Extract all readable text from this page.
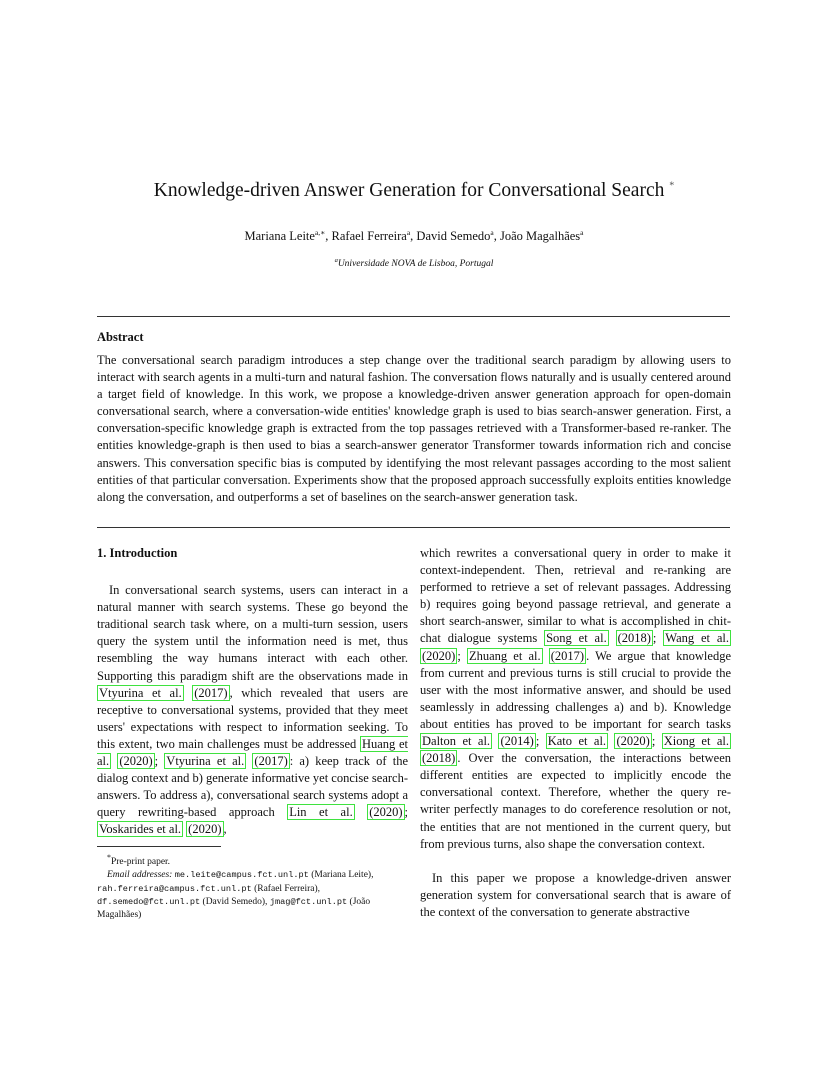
Knowledge-driven Answer Generation for Conversational Search *
Mariana Leite$^{a,∗}$, Rafael Ferreira$^a$, David Semedo$^a$, João Magalhães$^a$
$^a$Universidade NOVA de Lisboa, Portugal
Abstract
The conversational search paradigm introduces a step change over the traditional search paradigm by allowing users to interact with search agents in a multi-turn and natural fashion. The conversation flows naturally and is usually centered around a target field of knowledge. In this work, we propose a knowledge-driven answer generation approach for open-domain conversational search, where a conversation-wide entities' knowledge graph is used to bias search-answer generation. First, a conversation-specific knowledge graph is extracted from the top passages retrieved with a Transformer-based re-ranker. The entities knowledge-graph is then used to bias a search-answer generator Transformer towards information rich and concise answers. This conversation specific bias is computed by identifying the most relevant passages according to the most salient entities of that particular conversation. Experiments show that the proposed approach successfully exploits entities knowledge along the conversation, and outperforms a set of baselines on the search-answer generation task.
1. Introduction

In conversational search systems, users can interact in a natural manner with search systems. These go beyond the traditional search task where, on a multi-turn session, users query the system until the information need is met, thus resembling the way humans interact with each other. Supporting this paradigm shift are the observations made in Vtyurina et al. (2017) , which revealed that users are receptive to conversational systems, provided that they meet users' expectations with respect to information seeking. To this extent, two main challenges must be addressed Huang et al. (2020) ; Vtyurina et al. (2017) : a) keep track of the dialog context and b) generate informative yet concise search-answers. To address a), conversational search systems adopt a query rewriting-based approach Lin et al. (2020) ; Voskarides et al. (2020) ,

*Pre-print paper.

Email addresses: me.leite@campus.fct.unl.pt (Mariana Leite), rah.ferreira@campus.fct.unl.pt (Rafael Ferreira), df.semedo@fct.unl.pt (David Semedo), jmag@fct.unl.pt (João Magalhães)

which rewrites a conversational query in order to make it context-independent. Then, retrieval and re-ranking are performed to retrieve a set of relevant passages. Addressing b) requires going beyond passage retrieval, and generate a short search-answer, similar to what is accomplished in chit-chat dialogue systems Song et al. (2018) ; Wang et al. (2020) ; Zhuang et al. (2017) . We argue that knowledge from current and previous turns is still crucial to provide the user with the most informative answer, and should be used seamlessly in addressing challenges a) and b). Knowledge about entities has proved to be important for search tasks Dalton et al. (2014) ; Kato et al. (2020) ; Xiong et al. (2018) . Over the conversation, the interactions between different entities are expected to implicitly encode the conversational context. Therefore, whether the query re-writer perfectly manages to do coreference resolution or not, the entities that are not mentioned in the current query, but from previous turns, also shape the conversation context.

In this paper we propose a knowledge-driven answer generation system for conversational search that is aware of the context of the conversation to generate abstractive
